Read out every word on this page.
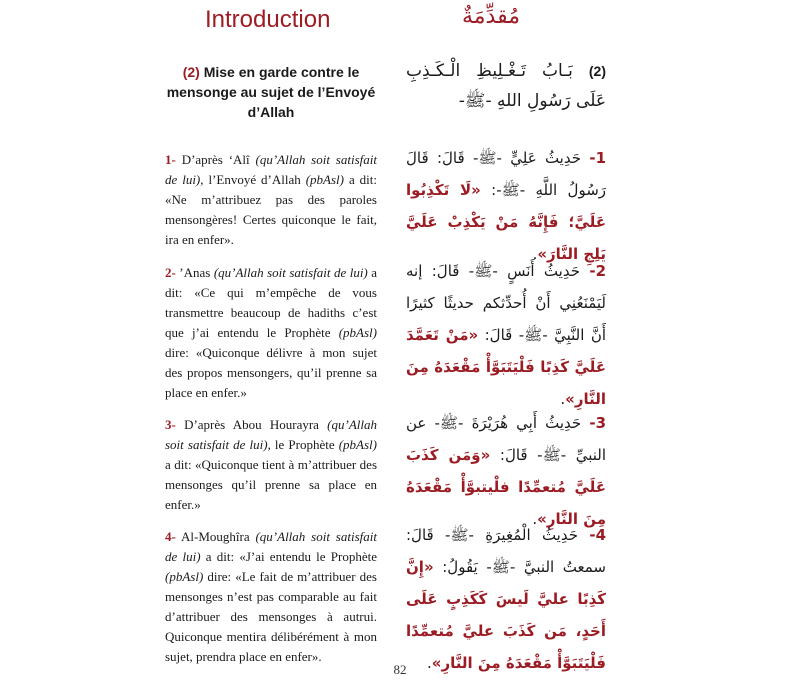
Introduction	مُقدِّمَةٌ
(2) Mise en garde contre le mensonge au sujet de l’Envoyé d’Allah
(2) بَـابُ تَـغْـلِيظِ الْـكَـذِبِ عَلَى رَسُولِ اللهِ -ﷺ-
1- D’après ‘Alî (qu’Allah soit satisfait de lui), l’Envoyé d’Allah (pbAsl) a dit: «Ne m’attribuez pas des paroles mensongères! Certes quiconque le fait, ira en enfer».
1- حَدِيثُ عَلِيٍّ -ﷺ- قَالَ: قَالَ رَسُولُ اللَّهِ -ﷺ-: «لَا تَكْذِبُوا عَلَيَّ؛ فَإِنَّهُ مَنْ يَكْذِبْ عَلَيَّ يَلِجِ النَّارَ».
2- ’Anas (qu’Allah soit satisfait de lui) a dit: «Ce qui m’empêche de vous transmettre beaucoup de hadiths c’est que j’ai entendu le Prophète (pbAsl) dire: «Quiconque délivre à mon sujet des propos mensongers, qu’il prenne sa place en enfer.»
2- حَدِيثُ أَنَسٍ -ﷺ- قَالَ: إنه لَيَمْنَعُنِي أَنْ أُحدِّثكم حديثًا كثيرًا أَنَّ النَّبِيَّ -ﷺ- قَالَ: «مَنْ تَعَمَّدَ عَلَيَّ كَذِبًا فَلْيَتَبَوَّأْ مَقْعَدَهُ مِنَ النَّارِ».
3- D’après Abou Hourayra (qu’Allah soit satisfait de lui), le Prophète (pbAsl) a dit: «Quiconque tient à m’attribuer des mensonges qu’il prenne sa place en enfer.»
3- حَدِيثُ أَبِي هُرَيْرَةَ -ﷺ- عن النبيِّ -ﷺ- قَالَ: «وَمَن كَذَبَ عَلَيَّ مُتعمِّدًا فلْيتبوَّأْ مَقْعَدَهُ مِنَ النَّارِ».
4- Al-Moughîra (qu’Allah soit satisfait de lui) a dit: «J’ai entendu le Prophète (pbAsl) dire: «Le fait de m’attribuer des mensonges n’est pas comparable au fait d’attribuer des mensonges à autrui. Quiconque mentira délibérément à mon sujet, prendra place en enfer».
4- حَدِيثُ الْمُغِيرَةِ -ﷺ- قَالَ: سمعتُ النبيَّ -ﷺ- يَقُولُ: «إِنَّ كَذِبًا عليَّ لَيسَ كَكَذِبٍ عَلَى أَحَدٍ، مَن كَذَبَ عليَّ مُتعمِّدًا فَلْيَتَبَوَّأْ مَقْعَدَهُ مِنَ النَّارِ».
82
